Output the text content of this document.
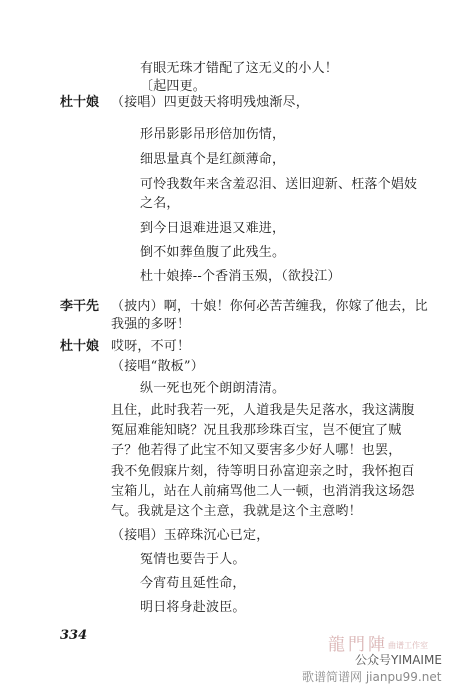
杜十娘
李干先
杜十娘
有眼无珠才错配了这无义的小人！
〔起四更。
（接唱）四更鼓天将明残烛渐尽，
形吊影影吊形倍加伤情，
细思量真个是红颜薄命，
可怜我数年来含羞忍泪、送旧迎新、枉落个娼妓
之名，
到今日退难进退又难进，
倒不如葬鱼腹了此残生。
杜十娘捧--个香消玉殒，（欲投江）
（披内）啊，十娘！你何必苦苦缠我，你嫁了他去，比
我强的多呀！
哎呀，不可！
（接唱“散板”）
纵一死也死个朗朗清清。
且住，此时我若一死，人道我是失足落水，我这满腹
冤屈难能知晓？况且我那珍珠百宝，岂不便宜了贼
子？他若得了此宝不知又要害多少好人哪！也罢，
我不免假寐片刻，待等明日孙富迎亲之时，我怀抱百
宝箱儿，站在人前痛骂他二人一顿，也消消我这场怨
气。我就是这个主意，我就是这个主意哟！
（接唱）玉碎珠沉心已定，
冤情也要告于人。
今宵苟且延性命，
明日将身赴波臣。
334	龍門陣曲谱工作室
公众号YIMAIME
歌谱简谱网 jianpu99.net
